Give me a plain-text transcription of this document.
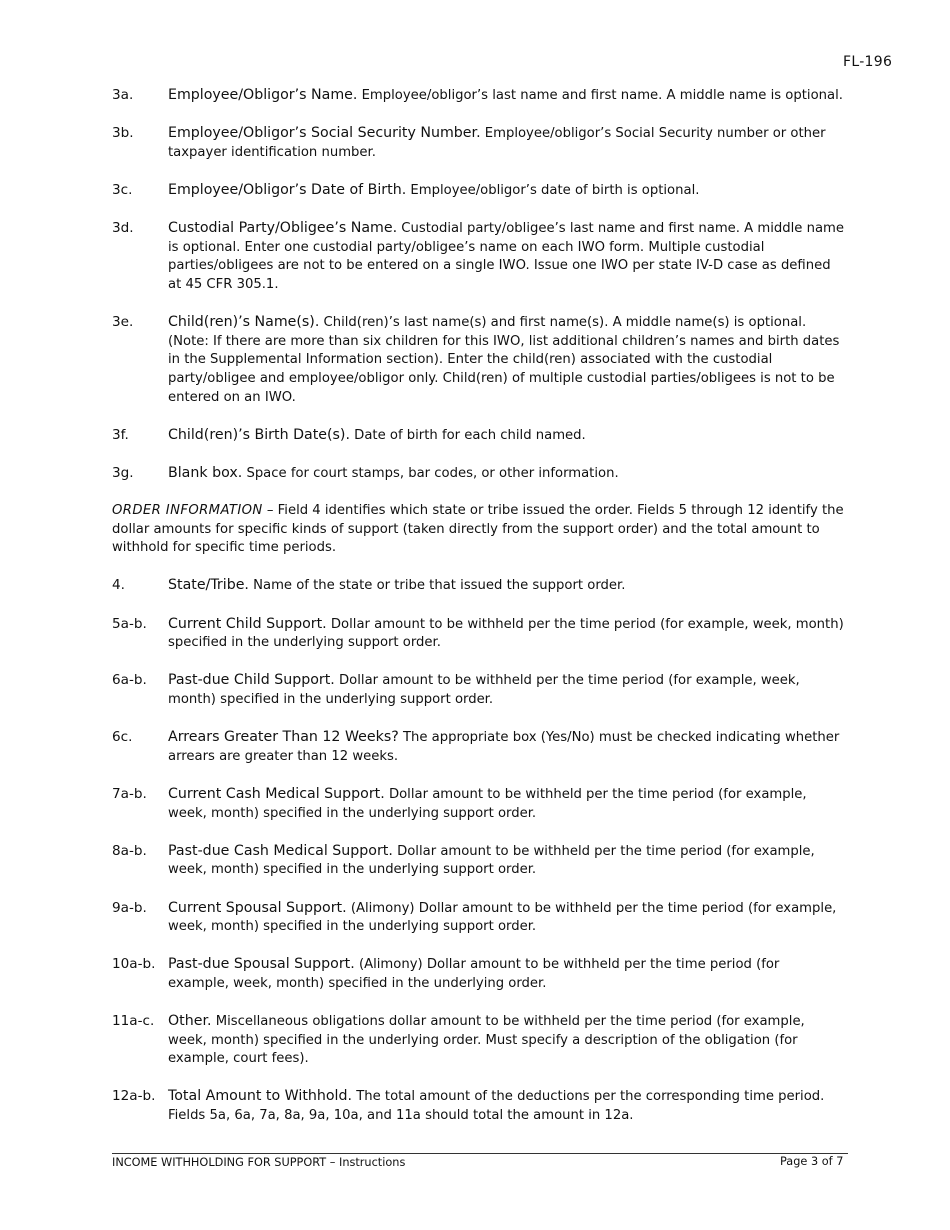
FL-196
3a.	Employee/Obligor’s Name. Employee/obligor’s last name and first name. A middle name is optional.
3b.	Employee/Obligor’s Social Security Number. Employee/obligor’s Social Security number or other taxpayer identification number.
3c.	Employee/Obligor’s Date of Birth. Employee/obligor’s date of birth is optional.
3d.	Custodial Party/Obligee’s Name. Custodial party/obligee’s last name and first name. A middle name is optional. Enter one custodial party/obligee’s name on each IWO form. Multiple custodial parties/obligees are not to be entered on a single IWO. Issue one IWO per state IV-D case as defined at 45 CFR 305.1.
3e.	Child(ren)’s Name(s). Child(ren)’s last name(s) and first name(s). A middle name(s) is optional. (Note: If there are more than six children for this IWO, list additional children’s names and birth dates in the Supplemental Information section). Enter the child(ren) associated with the custodial party/obligee and employee/obligor only. Child(ren) of multiple custodial parties/obligees is not to be entered on an IWO.
3f.	Child(ren)’s Birth Date(s). Date of birth for each child named.
3g.	Blank box. Space for court stamps, bar codes, or other information.
ORDER INFORMATION – Field 4 identifies which state or tribe issued the order. Fields 5 through 12 identify the dollar amounts for specific kinds of support (taken directly from the support order) and the total amount to withhold for specific time periods.
4.	State/Tribe. Name of the state or tribe that issued the support order.
5a-b.	Current Child Support. Dollar amount to be withheld per the time period (for example, week, month) specified in the underlying support order.
6a-b.	Past-due Child Support. Dollar amount to be withheld per the time period (for example, week, month) specified in the underlying support order.
6c.	Arrears Greater Than 12 Weeks? The appropriate box (Yes/No) must be checked indicating whether arrears are greater than 12 weeks.
7a-b.	Current Cash Medical Support. Dollar amount to be withheld per the time period (for example, week, month) specified in the underlying support order.
8a-b.	Past-due Cash Medical Support. Dollar amount to be withheld per the time period (for example, week, month) specified in the underlying support order.
9a-b.	Current Spousal Support. (Alimony) Dollar amount to be withheld per the time period (for example, week, month) specified in the underlying support order.
10a-b. Past-due Spousal Support. (Alimony) Dollar amount to be withheld per the time period (for example, week, month) specified in the underlying order.
11a-c. Other. Miscellaneous obligations dollar amount to be withheld per the time period (for example, week, month) specified in the underlying order. Must specify a description of the obligation (for example, court fees).
12a-b. Total Amount to Withhold. The total amount of the deductions per the corresponding time period. Fields 5a, 6a, 7a, 8a, 9a, 10a, and 11a should total the amount in 12a.
INCOME WITHHOLDING FOR SUPPORT – Instructions	Page 3 of 7
